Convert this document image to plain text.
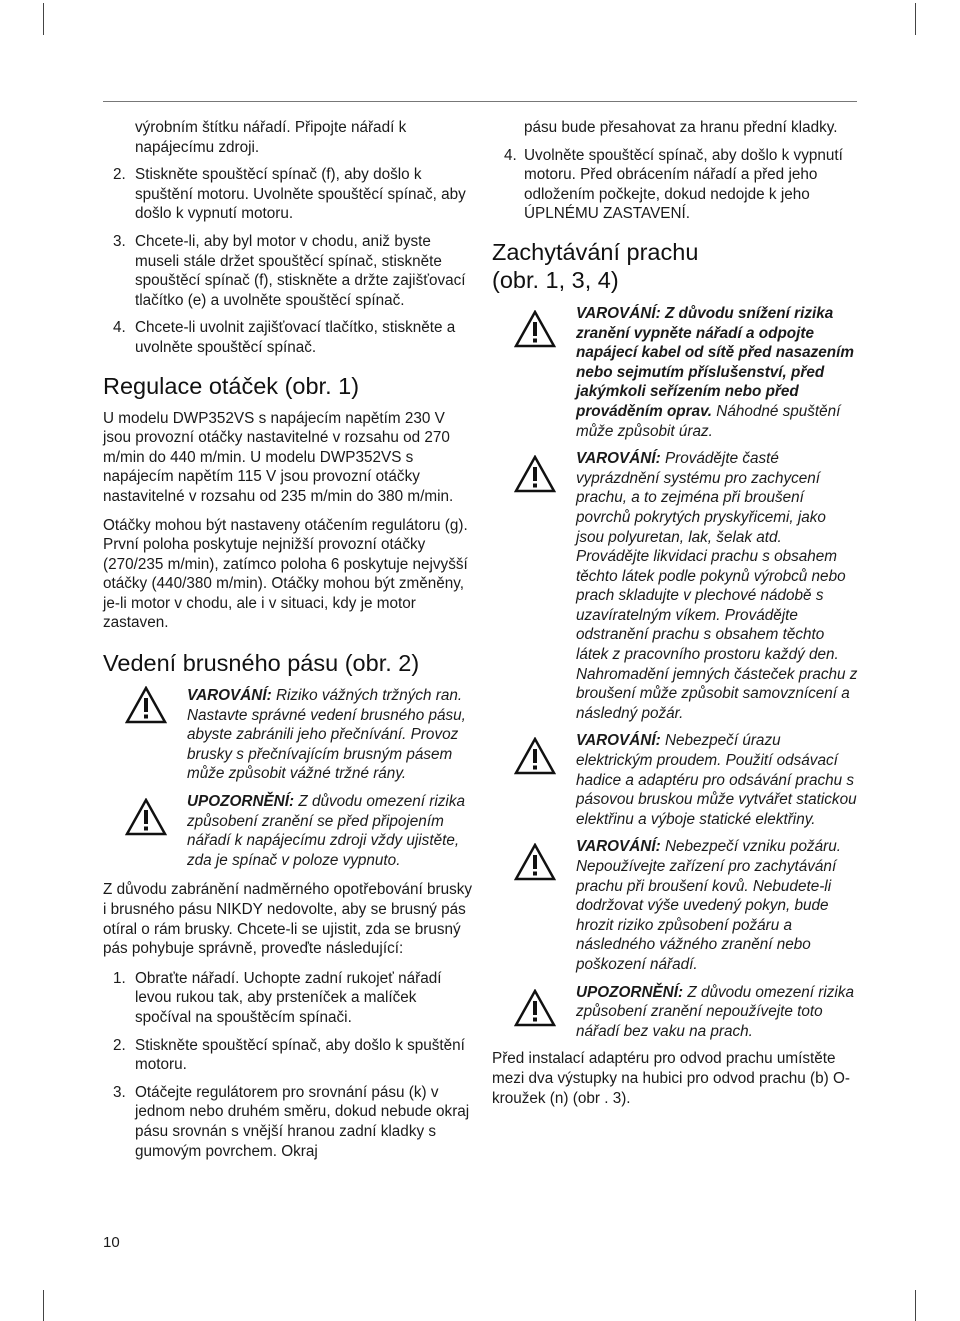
výrobním štítku nářadí. Připojte nářadí k napájecímu zdroji.
2. Stiskněte spouštěcí spínač (f), aby došlo k spuštění motoru. Uvolněte spouštěcí spínač, aby došlo k vypnutí motoru.
3. Chcete-li, aby byl motor v chodu, aniž byste museli stále držet spouštěcí spínač, stiskněte spouštěcí spínač (f), stiskněte a držte zajišťovací tlačítko (e) a uvolněte spouštěcí spínač.
4. Chcete-li uvolnit zajišťovací tlačítko, stiskněte a uvolněte spouštěcí spínač.
Regulace otáček (obr. 1)

U modelu DWP352VS s napájecím napětím 230 V jsou provozní otáčky nastavitelné v rozsahu od 270 m/min do 440 m/min. U modelu DWP352VS s napájecím napětím 115 V jsou provozní otáčky nastavitelné v rozsahu od 235 m/min do 380 m/min.

Otáčky mohou být nastaveny otáčením regulátoru (g). První poloha poskytuje nejnižší provozní otáčky (270/235 m/min), zatímco poloha 6 poskytuje nejvyšší otáčky (440/380 m/min). Otáčky mohou být změněny, je-li motor v chodu, ale i v situaci, kdy je motor zastaven.

Vedení brusného pásu (obr. 2)

VAROVÁNÍ: Riziko vážných tržných ran. Nastavte správné vedení brusného pásu, abyste zabránili jeho přečnívání. Provoz brusky s přečnívajícím brusným pásem může způsobit vážné tržné rány.

UPOZORNĚNÍ: Z důvodu omezení rizika způsobení zranění se před připojením nářadí k napájecímu zdroji vždy ujistěte, zda je spínač v poloze vypnuto.

Z důvodu zabránění nadměrného opotřebování brusky i brusného pásu NIKDY nedovolte, aby se brusný pás otíral o rám brusky. Chcete-li se ujistit, zda se brusný pás pohybuje správně, proveďte následující:

1. Obraťte nářadí. Uchopte zadní rukojeť nářadí levou rukou tak, aby prsteníček a malíček spočíval na spouštěcím spínači.
2. Stiskněte spouštěcí spínač, aby došlo k spuštění motoru.
3. Otáčejte regulátorem pro srovnání pásu (k) v jednom nebo druhém směru, dokud nebude okraj pásu srovnán s vnější hranou zadní kladky s gumovým povrchem. Okraj
pásu bude přesahovat za hranu přední kladky.
4. Uvolněte spouštěcí spínač, aby došlo k vypnutí motoru. Před obrácením nářadí a před jeho odložením počkejte, dokud nedojde k jeho ÚPLNÉMU ZASTAVENÍ.
Zachytávání prachu (obr. 1, 3, 4)

VAROVÁNÍ: Z důvodu snížení rizika zranění vypněte nářadí a odpojte napájecí kabel od sítě před nasazením nebo sejmutím příslušenství, před jakýmkoli seřízením nebo před prováděním oprav. Náhodné spuštění může způsobit úraz.

VAROVÁNÍ: Provádějte časté vyprázdnění systému pro zachycení prachu, a to zejména při broušení povrchů pokrytých pryskyřicemi, jako jsou polyuretan, lak, šelak atd. Provádějte likvidaci prachu s obsahem těchto látek podle pokynů výrobců nebo prach skladujte v plechové nádobě s uzavíratelným víkem. Provádějte odstranění prachu s obsahem těchto látek z pracovního prostoru každý den. Nahromadění jemných částeček prachu z broušení může způsobit samovznícení a následný požár.

VAROVÁNÍ: Nebezpečí úrazu elektrickým proudem. Použití odsávací hadice a adaptéru pro odsávání prachu s pásovou bruskou může vytvářet statickou elektřinu a výboje statické elektřiny.

VAROVÁNÍ: Nebezpečí vzniku požáru. Nepoužívejte zařízení pro zachytávání prachu při broušení kovů. Nebudete-li dodržovat výše uvedený pokyn, bude hrozit riziko způsobení požáru a následného vážného zranění nebo poškození nářadí.

UPOZORNĚNÍ: Z důvodu omezení rizika způsobení zranění nepoužívejte toto nářadí bez vaku na prach.

Před instalací adaptéru pro odvod prachu umístěte mezi dva výstupky na hubici pro odvod prachu (b) O-kroužek (n) (obr . 3).

10
